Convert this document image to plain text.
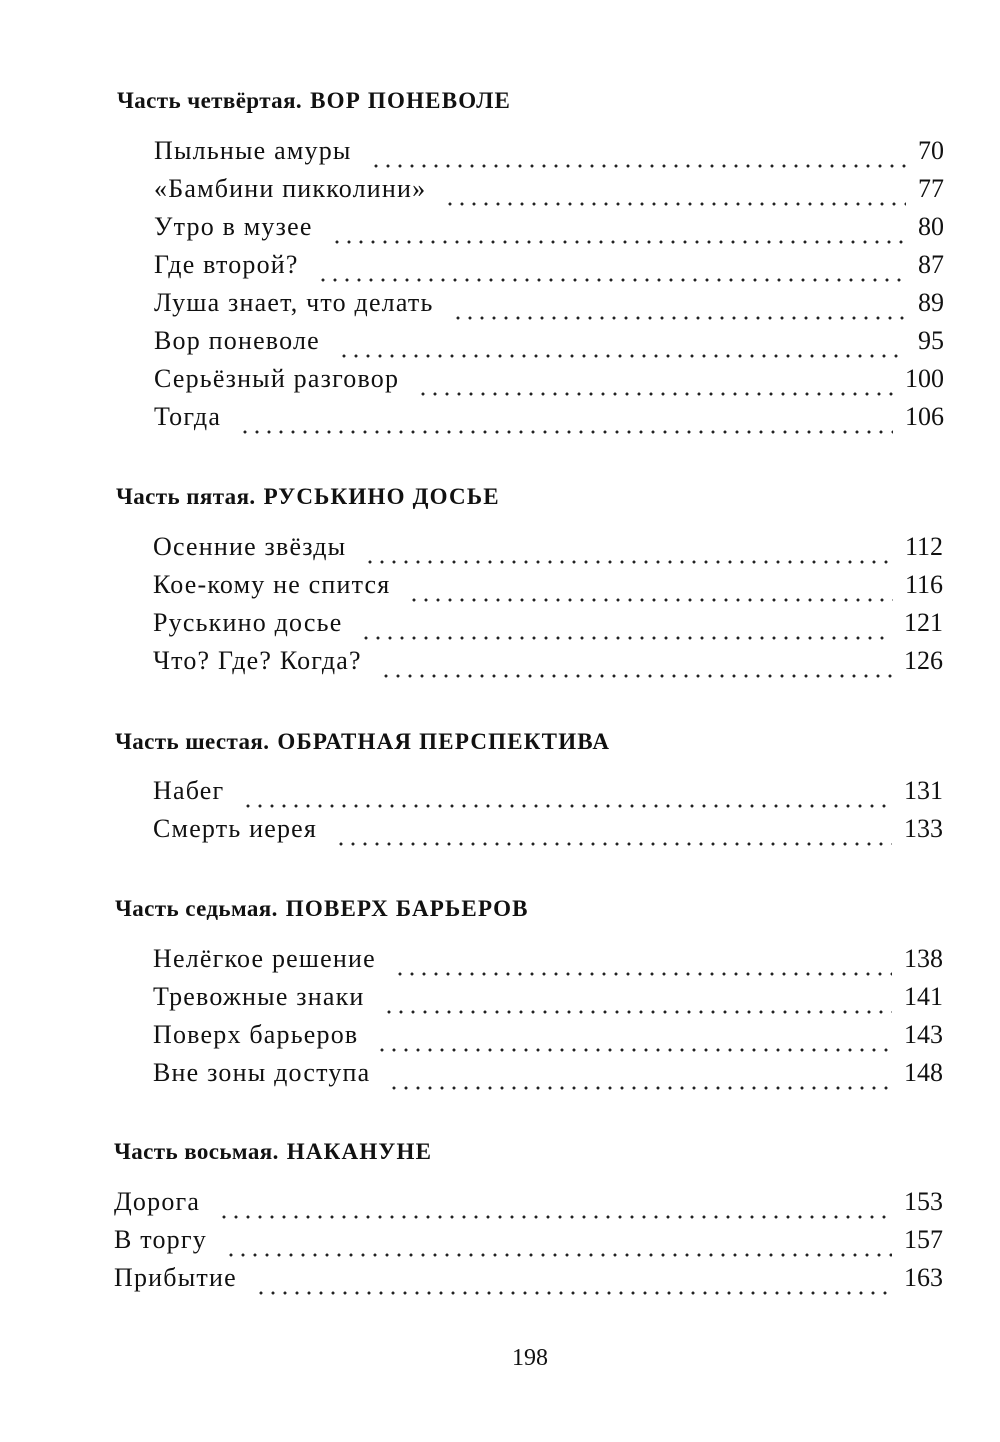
Часть четвёртая. ВОР ПОНЕВОЛЕ
Пыльные амуры	70
«Бамбини пикколини»	77
Утро в музее	80
Где второй?	87
Луша знает, что делать	89
Вор поневоле	95
Серьёзный разговор	100
Тогда	106
Часть пятая. РУСЬКИНО ДОСЬЕ
Осенние звёзды	112
Кое-кому не спится	116
Руськино досье	121
Что? Где? Когда?	126
Часть шестая. ОБРАТНАЯ ПЕРСПЕКТИВА
Набег	131
Смерть иерея	133
Часть седьмая. ПОВЕРХ БАРЬЕРОВ
Нелёгкое решение	138
Тревожные знаки	141
Поверх барьеров	143
Вне зоны доступа	148
Часть восьмая. НАКАНУНЕ
Дорога	153
В торгу	157
Прибытие	163
198
